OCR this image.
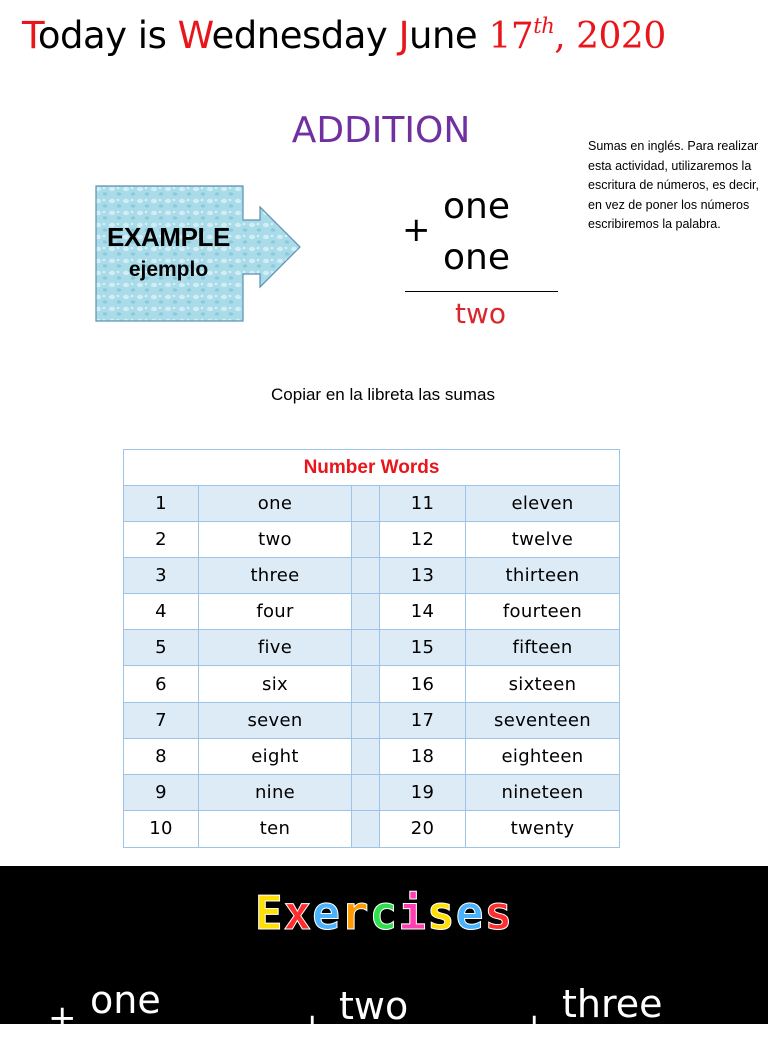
Today is Wednesday June 17th, 2020
ADDITION	Sumas en inglés. Para realizar esta actividad, utilizaremos la escritura de números, es decir, en vez de poner los números escribiremos la palabra.
EXAMPLE
ejemplo
+
one
one
two
Copiar en la libreta las sumas
Number Words
1	one	11	eleven
2	two	12	twelve
3	three	13	thirteen
4	four	14	fourteen
5	five	15	fifteen
6	six	16	sixteen
7	seven	17	seventeen
8	eight	18	eighteen
9	nine	19	nineteen
10	ten	20	twenty
Exercises
+ one
+ two	+ three
